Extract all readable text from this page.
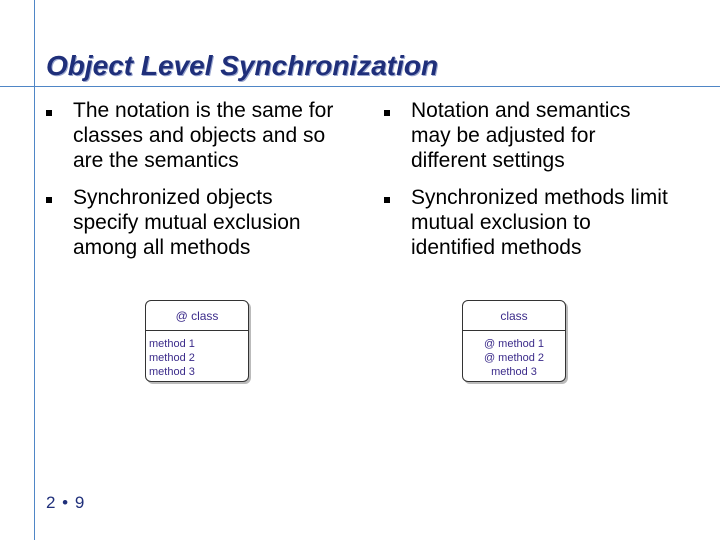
Object Level Synchronization
The notation is the same for classes and objects and so are the semantics
Synchronized objects specify mutual exclusion among all methods
Notation and semantics may be adjusted for different settings
Synchronized methods limit mutual exclusion to identified methods
@ class
method 1
method 2
method 3
class
@ method 1
@ method 2
method 3
2 • 9
